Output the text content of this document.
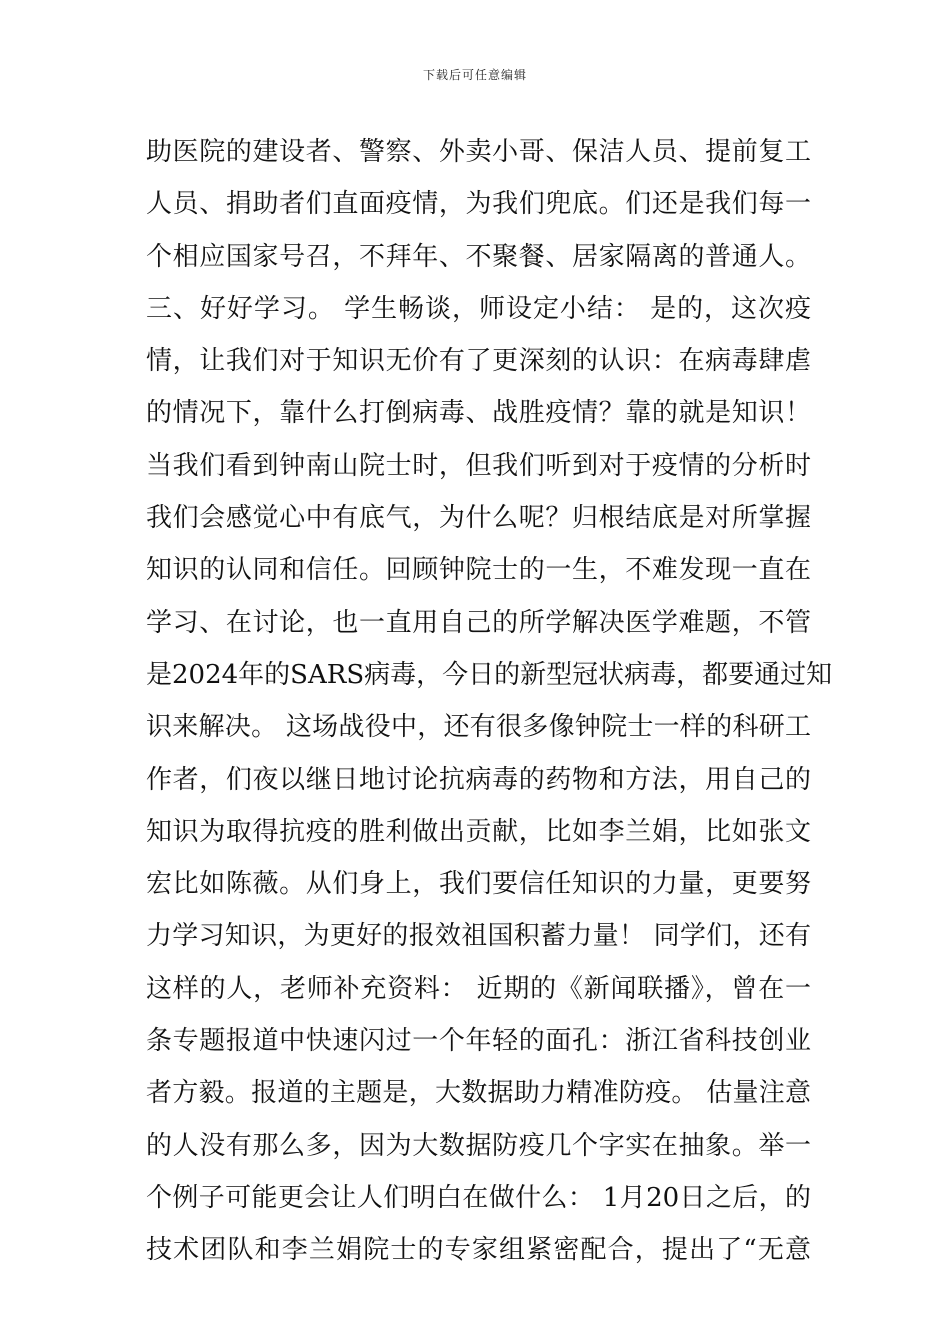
下载后可任意编辑
助医院的建设者、警察、外卖小哥、保洁人员、提前复工
人员、捐助者们直面疫情，为我们兜底。们还是我们每一
个相应国家号召，不拜年、不聚餐、居家隔离的普通人。
三、好好学习。 学生畅谈，师设定小结： 是的，这次疫
情，让我们对于知识无价有了更深刻的认识：在病毒肆虐
的情况下，靠什么打倒病毒、战胜疫情？靠的就是知识！
当我们看到钟南山院士时，但我们听到对于疫情的分析时
我们会感觉心中有底气，为什么呢？归根结底是对所掌握
知识的认同和信任。回顾钟院士的一生，不难发现一直在
学习、在讨论，也一直用自己的所学解决医学难题，不管
是2024年的SARS病毒，今日的新型冠状病毒，都要通过知
识来解决。 这场战役中，还有很多像钟院士一样的科研工
作者，们夜以继日地讨论抗病毒的药物和方法，用自己的
知识为取得抗疫的胜利做出贡献，比如李兰娟，比如张文
宏比如陈薇。从们身上，我们要信任知识的力量，更要努
力学习知识，为更好的报效祖国积蓄力量！ 同学们，还有
这样的人，老师补充资料： 近期的《新闻联播》，曾在一
条专题报道中快速闪过一个年轻的面孔：浙江省科技创业
者方毅。报道的主题是，大数据助力精准防疫。 估量注意
的人没有那么多，因为大数据防疫几个字实在抽象。举一
个例子可能更会让人们明白在做什么： 1月20日之后，的
技术团队和李兰娟院士的专家组紧密配合，提出了“无意
